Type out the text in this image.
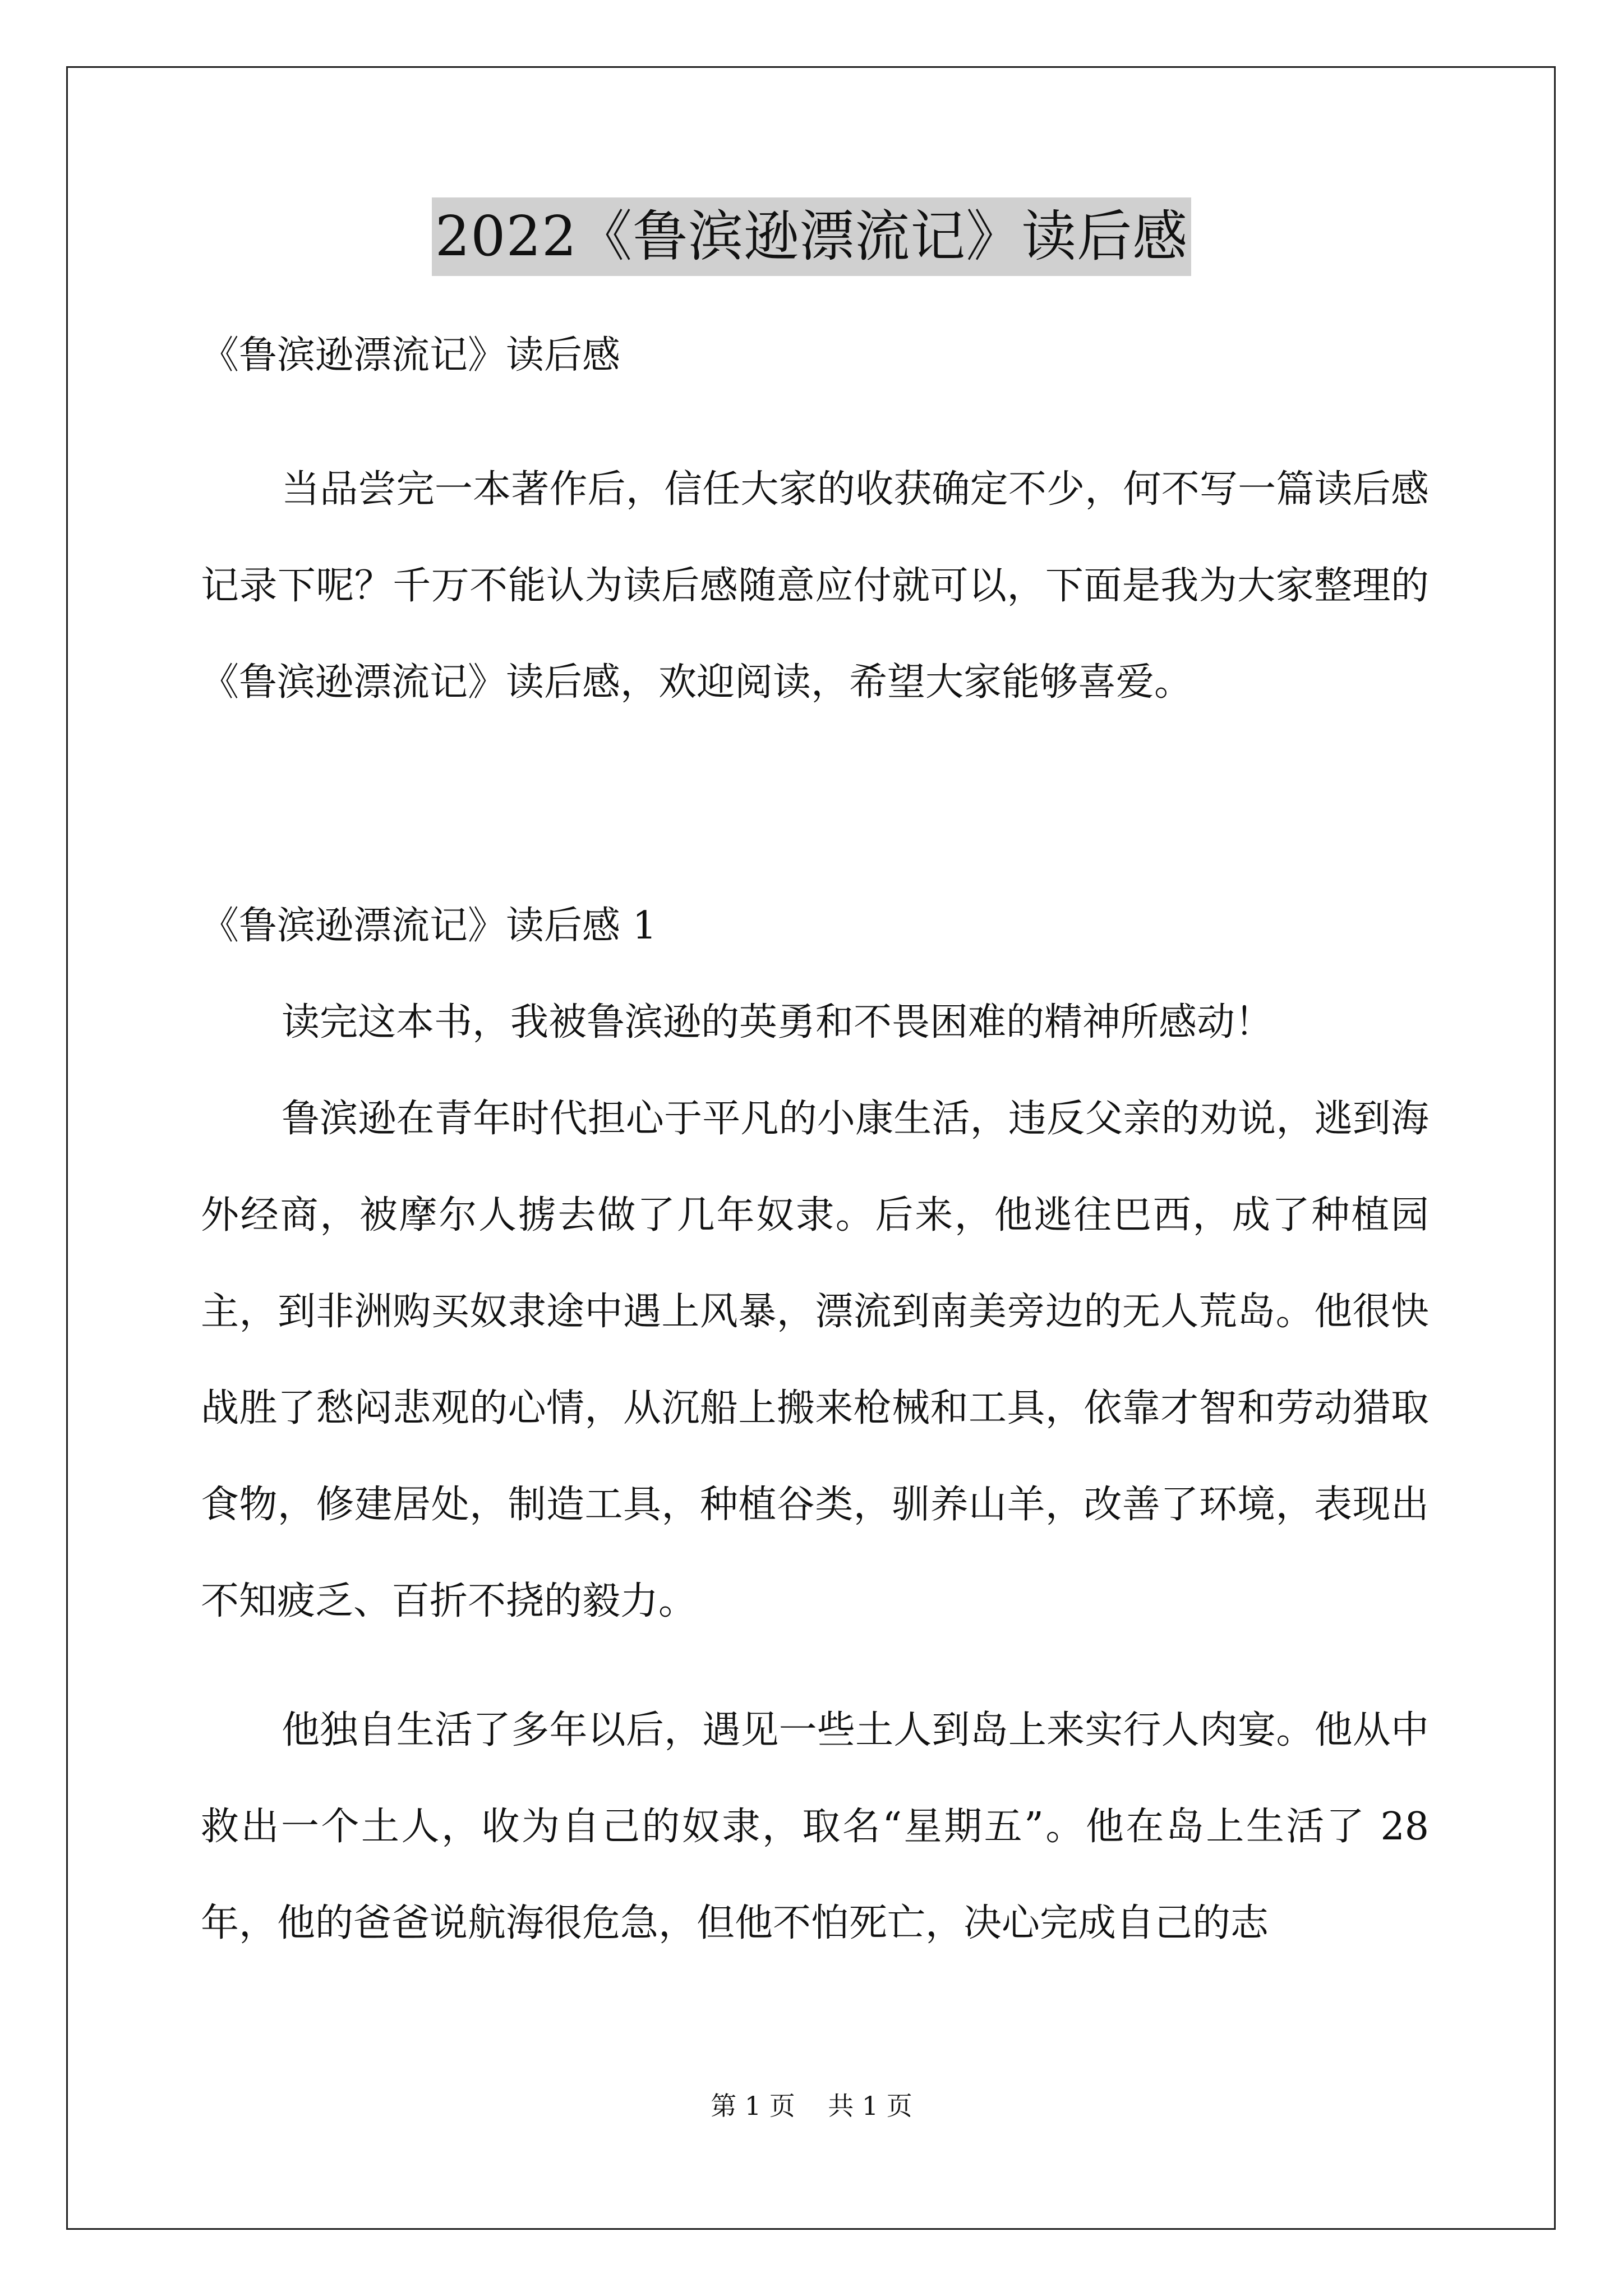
2022《鲁滨逊漂流记》读后感

《鲁滨逊漂流记》读后感

当品尝完一本著作后，信任大家的收获确定不少，何不写一篇读后感记录下呢？千万不能认为读后感随意应付就可以，下面是我为大家整理的《鲁滨逊漂流记》读后感，欢迎阅读，希望大家能够喜爱。

《鲁滨逊漂流记》读后感 1

读完这本书，我被鲁滨逊的英勇和不畏困难的精神所感动！

鲁滨逊在青年时代担心于平凡的小康生活，违反父亲的劝说，逃到海外经商，被摩尔人掳去做了几年奴隶。后来，他逃往巴西，成了种植园主，到非洲购买奴隶途中遇上风暴，漂流到南美旁边的无人荒岛。他很快战胜了愁闷悲观的心情，从沉船上搬来枪械和工具，依靠才智和劳动猎取食物，修建居处，制造工具，种植谷类，驯养山羊，改善了环境，表现出不知疲乏、百折不挠的毅力。

他独自生活了多年以后，遇见一些土人到岛上来实行人肉宴。他从中救出一个土人，收为自己的奴隶，取名“星期五”。他在岛上生活了 28 年，他的爸爸说航海很危急，但他不怕死亡，决心完成自己的志

第 1 页 共 1 页
